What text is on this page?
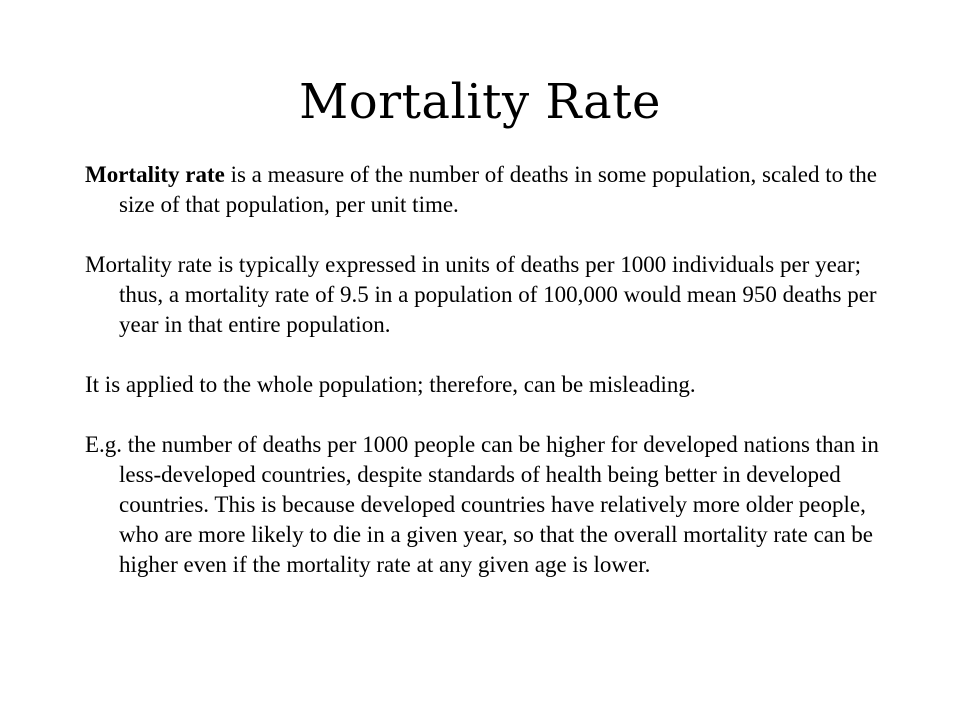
Mortality Rate

Mortality rate is a measure of the number of deaths in some population, scaled to the size of that population, per unit time.

Mortality rate is typically expressed in units of deaths per 1000 individuals per year; thus, a mortality rate of 9.5 in a population of 100,000 would mean 950 deaths per year in that entire population.

It is applied to the whole population; therefore, can be misleading.

E.g. the number of deaths per 1000 people can be higher for developed nations than in less-developed countries, despite standards of health being better in developed countries. This is because developed countries have relatively more older people, who are more likely to die in a given year, so that the overall mortality rate can be higher even if the mortality rate at any given age is lower.
